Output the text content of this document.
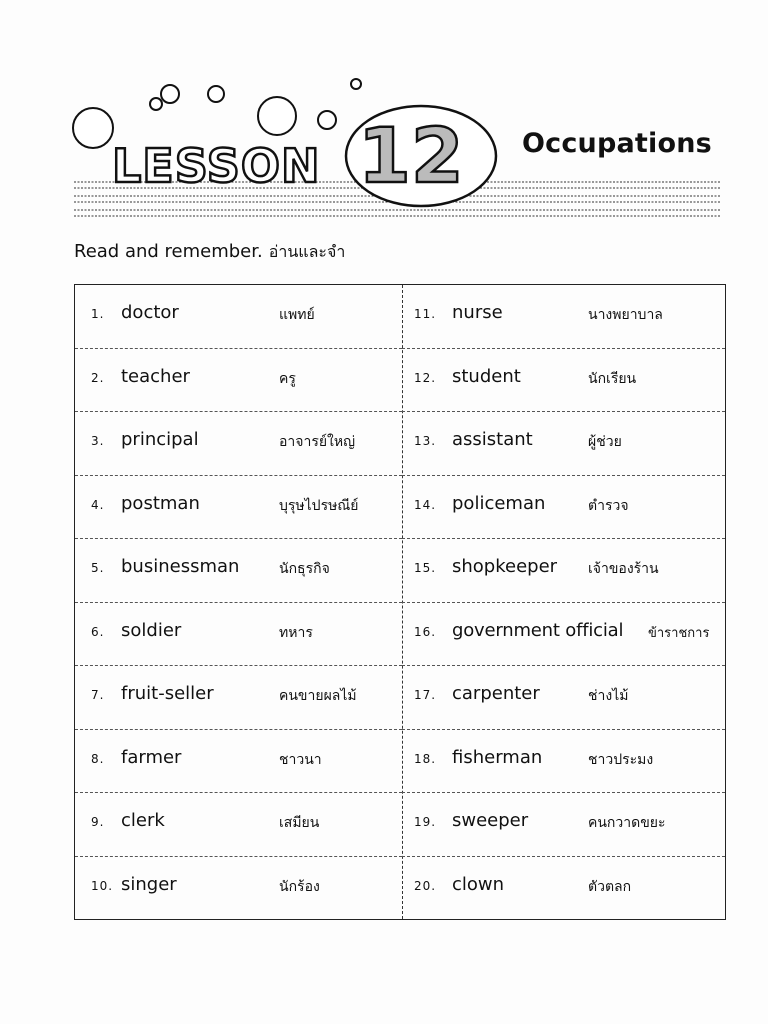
LESSON 12 Occupations
Read and remember. อ่านและจำ
1. doctor	แพทย์
2. teacher	ครู
3. principal	อาจารย์ใหญ่
4. postman	บุรุษไปรษณีย์
5. businessman	นักธุรกิจ
6. soldier	ทหาร
7. fruit-seller	คนขายผลไม้
8. farmer	ชาวนา
9. clerk	เสมียน
10. singer	นักร้อง
11. nurse	นางพยาบาล
12. student	นักเรียน
13. assistant	ผู้ช่วย
14. policeman	ตำรวจ
15. shopkeeper เจ้าของร้าน
16. government official ข้าราชการ
17. carpenter	ช่างไม้
18. fisherman	ชาวประมง
19. sweeper	คนกวาดขยะ
20. clown	ตัวตลก
